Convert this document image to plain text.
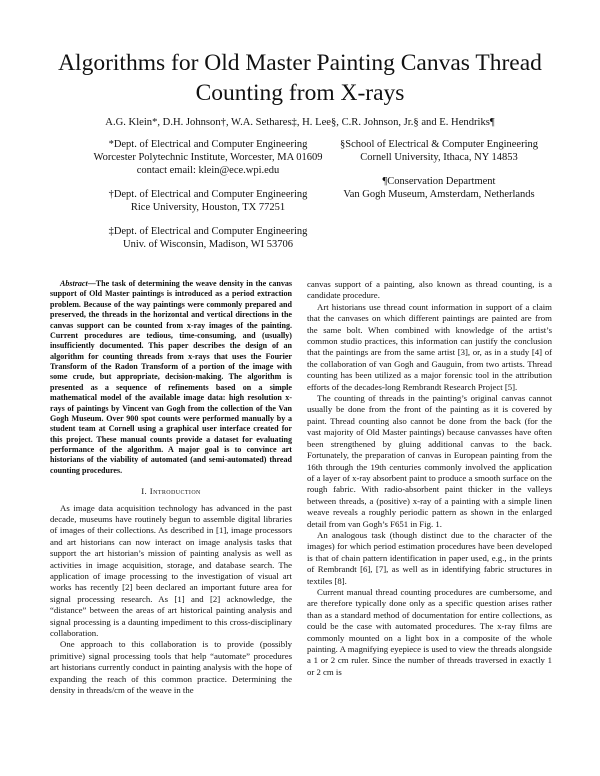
Algorithms for Old Master Painting Canvas Thread
Counting from X-rays
A.G. Klein*, D.H. Johnson†, W.A. Sethares‡, H. Lee§, C.R. Johnson, Jr.§ and E. Hendriks¶
*Dept. of Electrical and Computer Engineering
Worcester Polytechnic Institute, Worcester, MA 01609
contact email: klein@ece.wpi.edu
§School of Electrical & Computer Engineering
Cornell University, Ithaca, NY 14853
†Dept. of Electrical and Computer Engineering
Rice University, Houston, TX 77251
¶Conservation Department
Van Gogh Museum, Amsterdam, Netherlands
‡Dept. of Electrical and Computer Engineering
Univ. of Wisconsin, Madison, WI 53706

Abstract—The task of determining the weave density in the canvas support of Old Master paintings is introduced as a period extraction problem. Because of the way paintings were commonly prepared and preserved, the threads in the horizontal and vertical directions in the canvas support can be counted from x-ray images of the painting. Current procedures are tedious, time-consuming, and (usually) insufficiently documented. This paper describes the design of an algorithm for counting threads from x-rays that uses the Fourier Transform of the Radon Transform of a portion of the image with some crude, but appropriate, decision-making. The algorithm is presented as a sequence of refinements based on a simple mathematical model of the available image data: high resolution x-rays of paintings by Vincent van Gogh from the collection of the Van Gogh Museum. Over 900 spot counts were performed manually by a student team at Cornell using a graphical user interface created for this project. These manual counts provide a dataset for evaluating performance of the algorithm. A major goal is to convince art historians of the viability of automated (and semi-automated) thread counting procedures.

I. Introduction

As image data acquisition technology has advanced in the past decade, museums have routinely begun to assemble digital libraries of images of their collections. As described in [1], image processors and art historians can now interact on image analysis tasks that support the art historian’s mission of painting analysis as well as activities in image acquisition, storage, and database search. The application of image processing to the investigation of visual art works has recently [2] been declared an important future area for signal processing research. As [1] and [2] acknowledge, the “distance” between the areas of art historical painting analysis and signal processing is a daunting impediment to this cross-disciplinary collaboration.

One approach to this collaboration is to provide (possibly primitive) signal processing tools that help “automate” procedures art historians currently conduct in painting analysis with the hope of expanding the reach of this common practice. Determining the density in threads/cm of the weave in the

canvas support of a painting, also known as thread counting, is a candidate procedure.

Art historians use thread count information in support of a claim that the canvases on which different paintings are painted are from the same bolt. When combined with knowledge of the artist’s common studio practices, this information can justify the conclusion that the paintings are from the same artist [3], or, as in a study [4] of the collaboration of van Gogh and Gauguin, from two artists. Thread counting has been utilized as a major forensic tool in the attribution efforts of the decades-long Rembrandt Research Project [5].

The counting of threads in the painting’s original canvas cannot usually be done from the front of the painting as it is covered by paint. Thread counting also cannot be done from the back (for the vast majority of Old Master paintings) because canvasses have often been strengthened by gluing additional canvas to the back. Fortunately, the preparation of canvas in European painting from the 16th through the 19th centuries commonly involved the application of a layer of x-ray absorbent paint to produce a smooth surface on the rough fabric. With radio-absorbent paint thicker in the valleys between threads, a (positive) x-ray of a painting with a simple linen weave reveals a roughly periodic pattern as shown in the enlarged detail from van Gogh’s F651 in Fig. 1.

An analogous task (though distinct due to the character of the images) for which period estimation procedures have been developed is that of chain pattern identification in paper used, e.g., in the prints of Rembrandt [6], [7], as well as in identifying fabric structures in textiles [8].

Current manual thread counting procedures are cumbersome, and are therefore typically done only as a specific question arises rather than as a standard method of documentation for entire collections, as could be the case with automated procedures. The x-ray films are commonly mounted on a light box in a composite of the whole painting. A magnifying eyepiece is used to view the threads alongside a 1 or 2 cm ruler. Since the number of threads traversed in exactly 1 or 2 cm is
